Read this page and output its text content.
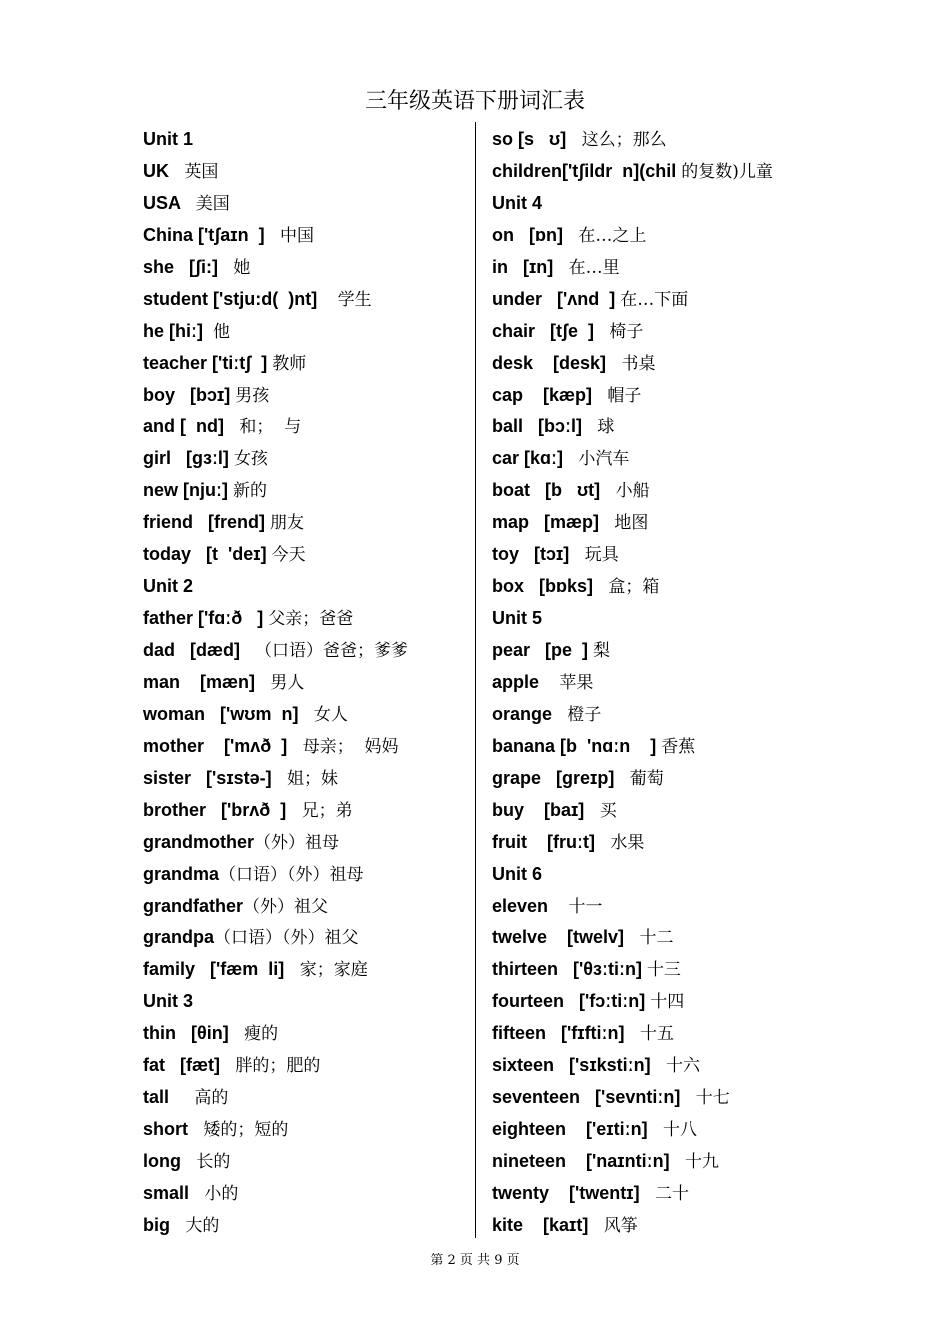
三年级英语下册词汇表
Unit 1
UK   英国
USA   美国
China ['tʃaɪn  ]   中国
she   [ʃi:]   她
student ['stju:d(  )nt]    学生
he [hiː]  他
teacher ['tiːtʃ  ] 教师
boy   [bɔɪ] 男孩
and [  nd]   和；  与
girl   [gɜːl] 女孩
new [njuː] 新的
friend   [frend] 朋友
today   [t  'deɪ] 今天
Unit 2
father ['fɑːð   ] 父亲；爸爸
dad   [dæd]   （口语）爸爸；爹爹
man    [mæn]   男人
woman   ['wʊm  n]   女人
mother    ['mʌð  ]   母亲；  妈妈
sister   ['sɪstə-]   姐；妹
brother   ['brʌð  ]   兄；弟
grandmother（外）祖母
grandma（口语）（外）祖母
grandfather（外）祖父
grandpa（口语）（外）祖父
family   ['fæm  li]   家；家庭
Unit 3
thin   [θin]   瘦的
fat   [fæt]   胖的；肥的
tall     高的
short   矮的；短的
long   长的
small   小的
big   大的
so [s   ʊ]   这么；那么
children['tʃildr  n](chil 的复数)儿童
Unit 4
on   [ɒn]   在…之上
in   [ɪn]   在…里
under   ['ʌnd  ] 在…下面
chair   [tʃe  ]   椅子
desk    [desk]   书桌
cap    [kæp]   帽子
ball   [bɔːl]   球
car [kɑː]   小汽车
boat   [b   ʊt]   小船
map   [mæp]   地图
toy   [tɔɪ]   玩具
box   [bɒks]   盒；箱
Unit 5
pear   [pe  ] 梨
apple    苹果
orange   橙子
banana [b  'nɑːn    ] 香蕉
grape   [greɪp]   葡萄
buy    [baɪ]   买
fruit    [fruːt]   水果
Unit 6
eleven    十一
twelve    [twelv]   十二
thirteen   ['θɜːtiːn] 十三
fourteen   ['fɔːtiːn] 十四
fifteen   ['fɪftiːn]   十五
sixteen   ['sɪkstiːn]   十六
seventeen   ['sevntiːn]   十七
eighteen    ['eɪtiːn]   十八
nineteen    ['naɪntiːn]   十九
twenty    ['twentɪ]   二十
kite    [kaɪt]   风筝
第 2 页 共 9 页
